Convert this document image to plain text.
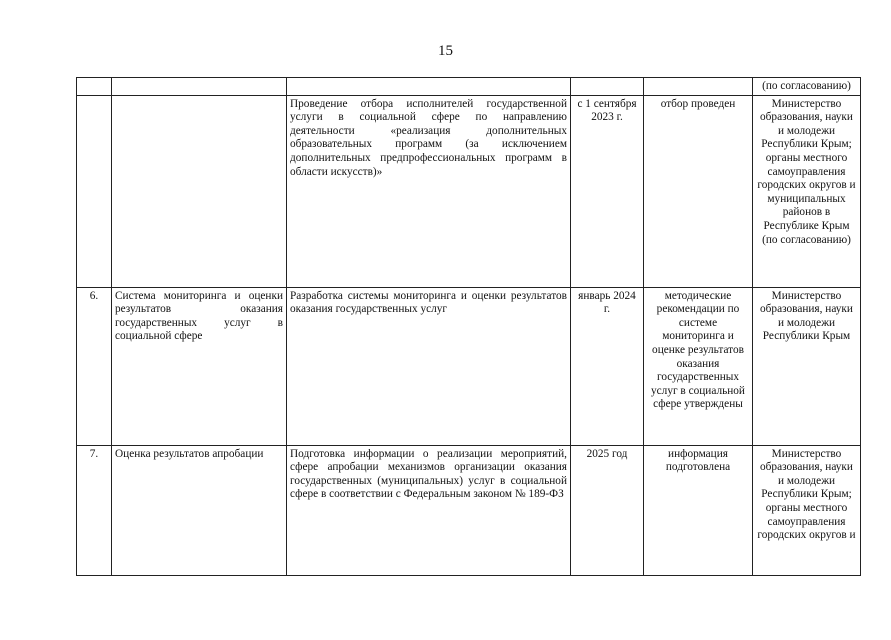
15
					(по согласованию)
		Проведение отбора исполнителей государственной услуги в социальной сфере по направлению деятельности «реализация дополнительных образовательных программ (за исключением дополнительных предпрофессиональных программ в области искусств)»	с 1 сентября 2023 г.	отбор проведен	Министерство образования, науки и молодежи Республики Крым; органы местного самоуправления городских округов и муниципальных районов в Республике Крым (по согласованию)
6.	Система мониторинга и оценки результатов оказания государственных услуг в социальной сфере	Разработка системы мониторинга и оценки результатов оказания государственных услуг	январь 2024 г.	методические рекомендации по системе мониторинга и оценке результатов оказания государственных услуг в социальной сфере утверждены	Министерство образования, науки и молодежи Республики Крым
7.	Оценка результатов апробации	Подготовка информации о реализации мероприятий, сфере апробации механизмов организации оказания государственных (муниципальных) услуг в социальной сфере в соответствии с Федеральным законом № 189-ФЗ	2025 год	информация подготовлена	Министерство образования, науки и молодежи Республики Крым; органы местного самоуправления городских округов и
